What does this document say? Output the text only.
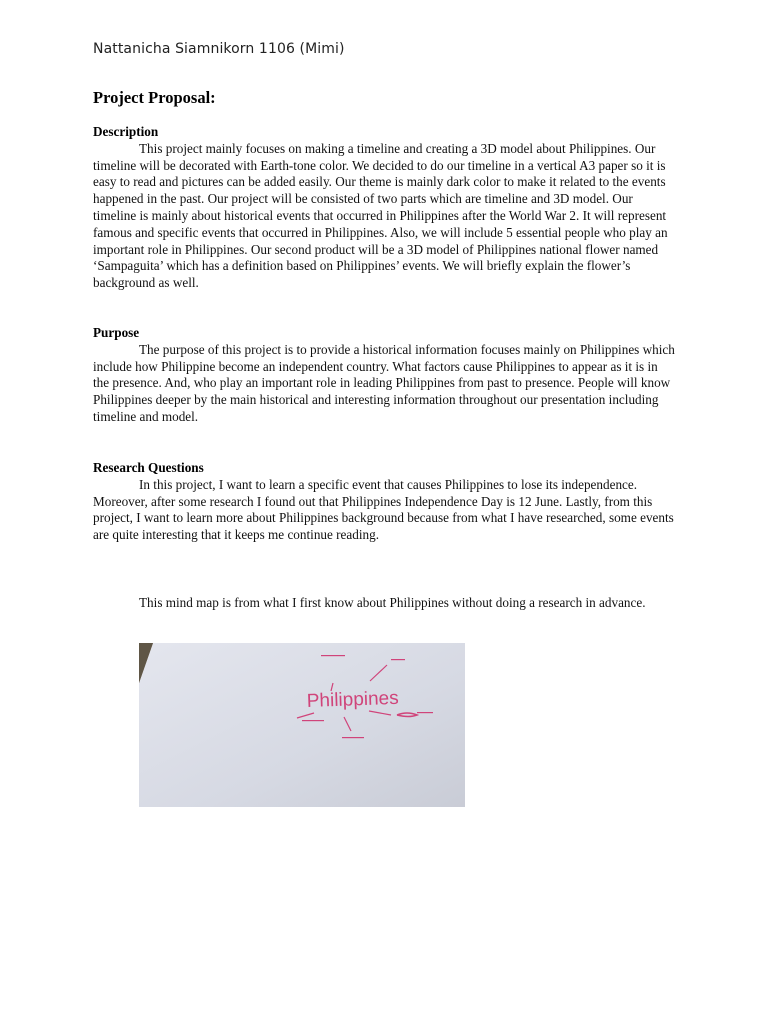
Nattanicha Siamnikorn 1106 (Mimi)
Project Proposal:
Description

This project mainly focuses on making a timeline and creating a 3D model about Philippines. Our timeline will be decorated with Earth-tone color. We decided to do our timeline in a vertical A3 paper so it is easy to read and pictures can be added easily. Our theme is mainly dark color to make it related to the events happened in the past. Our project will be consisted of two parts which are timeline and 3D model. Our timeline is mainly about historical events that occurred in Philippines after the World War 2. It will represent famous and specific events that occurred in Philippines. Also, we will include 5 essential people who play an important role in Philippines. Our second product will be a 3D model of Philippines national flower named ‘Sampaguita’ which has a definition based on Philippines’ events. We will briefly explain the flower’s background as well.

Purpose

The purpose of this project is to provide a historical information focuses mainly on Philippines which include how Philippine become an independent country. What factors cause Philippines to appear as it is in the presence. And, who play an important role in leading Philippines from past to presence. People will know Philippines deeper by the main historical and interesting information throughout our presentation including timeline and model.

Research Questions

In this project, I want to learn a specific event that causes Philippines to lose its independence. Moreover, after some research I found out that Philippines Independence Day is 12 June. Lastly, from this project, I want to learn more about Philippines background because from what I have researched, some events are quite interesting that it keeps me continue reading.

This mind map is from what I first know about Philippines without doing a research in advance.

Philippines
